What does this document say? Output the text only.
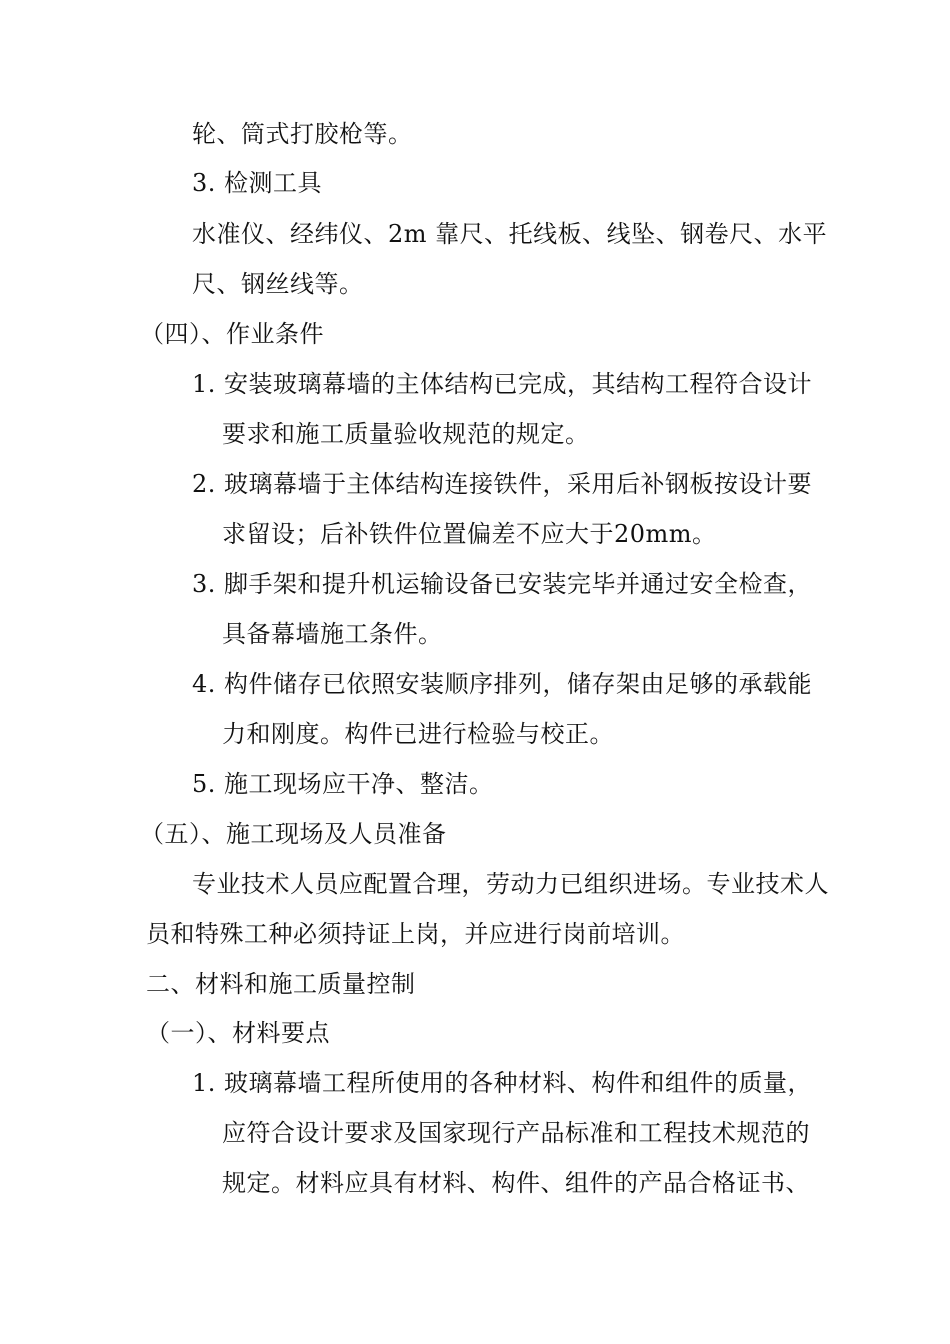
轮、筒式打胶枪等。

3. 检测工具

水准仪、经纬仪、2m 靠尺、托线板、线坠、钢卷尺、水平

尺、钢丝线等。

（四）、作业条件

1. 安装玻璃幕墙的主体结构已完成，其结构工程符合设计

要求和施工质量验收规范的规定。

2. 玻璃幕墙于主体结构连接铁件，采用后补钢板按设计要

求留设；后补铁件位置偏差不应大于20mm。

3. 脚手架和提升机运输设备已安装完毕并通过安全检查，

具备幕墙施工条件。

4. 构件储存已依照安装顺序排列，储存架由足够的承载能

力和刚度。构件已进行检验与校正。

5. 施工现场应干净、整洁。

（五）、施工现场及人员准备

专业技术人员应配置合理，劳动力已组织进场。专业技术人

员和特殊工种必须持证上岗，并应进行岗前培训。

二、材料和施工质量控制

（一）、材料要点

1. 玻璃幕墙工程所使用的各种材料、构件和组件的质量，

应符合设计要求及国家现行产品标准和工程技术规范的

规定。材料应具有材料、构件、组件的产品合格证书、
